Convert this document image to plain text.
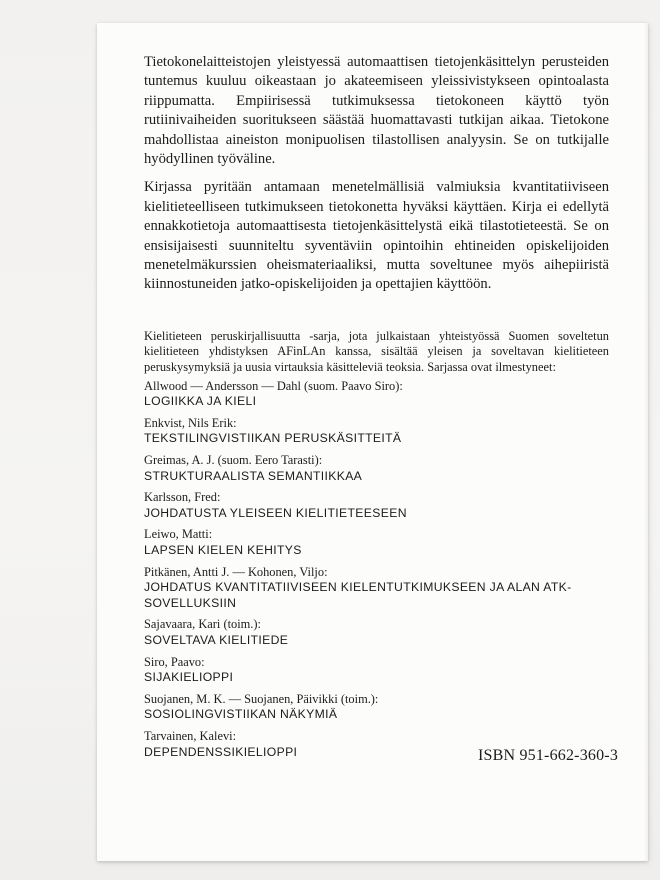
Tietokonelaitteistojen yleistyessä automaattisen tietojenkäsittelyn perusteiden tuntemus kuuluu oikeastaan jo akateemiseen yleissivistykseen opintoalasta riippumatta. Empiirisessä tutkimuksessa tietokoneen käyttö työn rutiinivaiheiden suoritukseen säästää huomattavasti tutkijan aikaa. Tietokone mahdollistaa aineiston monipuolisen tilastollisen analyysin. Se on tutkijalle hyödyllinen työväline.

Kirjassa pyritään antamaan menetelmällisiä valmiuksia kvantitatiiviseen kielitieteelliseen tutkimukseen tietokonetta hyväksi käyttäen. Kirja ei edellytä ennakkotietoja automaattisesta tietojenkäsittelystä eikä tilastotieteestä. Se on ensisijaisesti suunniteltu syventäviin opintoihin ehtineiden opiskelijoiden menetelmäkurssien oheismateriaaliksi, mutta soveltunee myös aihepiiristä kiinnostuneiden jatko-opiskelijoiden ja opettajien käyttöön.

Kielitieteen peruskirjallisuutta -sarja, jota julkaistaan yhteistyössä Suomen soveltetun kielitieteen yhdistyksen AFinLAn kanssa, sisältää yleisen ja soveltavan kielitieteen peruskysymyksiä ja uusia virtauksia käsitteleviä teoksia. Sarjassa ovat ilmestyneet:

Allwood — Andersson — Dahl (suom. Paavo Siro):
LOGIIKKA JA KIELI
Enkvist, Nils Erik:
TEKSTILINGVISTIIKAN PERUSKÄSITTEITÄ
Greimas, A. J. (suom. Eero Tarasti):
STRUKTURAALISTA SEMANTIIKKAA
Karlsson, Fred:
JOHDATUSTA YLEISEEN KIELITIETEESEEN
Leiwo, Matti:
LAPSEN KIELEN KEHITYS
Pitkänen, Antti J. — Kohonen, Viljo:
JOHDATUS KVANTITATIIVISEEN KIELENTUTKIMUKSEEN JA ALAN ATK-SOVELLUKSIIN
Sajavaara, Kari (toim.):
SOVELTAVA KIELITIEDE
Siro, Paavo:
SIJAKIELIOPPI
Suojanen, M. K. — Suojanen, Päivikki (toim.):
SOSIOLINGVISTIIKAN NÄKYMIÄ
Tarvainen, Kalevi:
DEPENDENSSIKIELIOPPI	ISBN 951-662-360-3
